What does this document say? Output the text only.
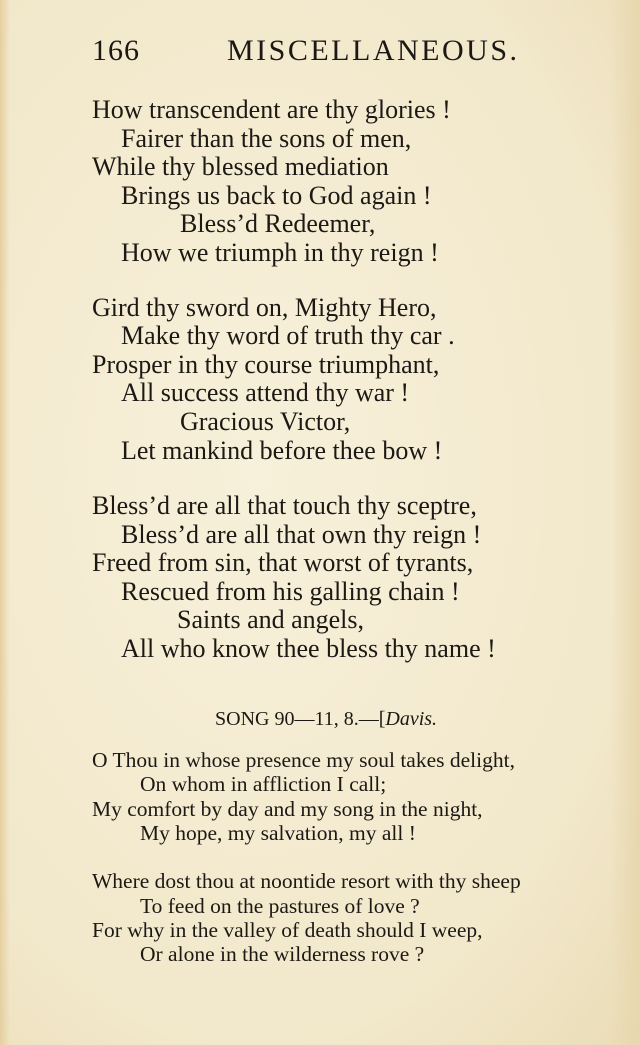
166	MISCELLANEOUS.
How transcendent are thy glories !
Fairer than the sons of men,
While thy blessed mediation
Brings us back to God again !
Bless’d Redeemer,
How we triumph in thy reign !
Gird thy sword on, Mighty Hero,
Make thy word of truth thy car .
Prosper in thy course triumphant,
All success attend thy war !
Gracious Victor,
Let mankind before thee bow !
Bless’d are all that touch thy sceptre,
Bless’d are all that own thy reign !
Freed from sin, that worst of tyrants,
Rescued from his galling chain !
Saints and angels,
All who know thee bless thy name !
SONG 90—11, 8.—[Davis.
O Thou in whose presence my soul takes delight,
On whom in affliction I call;
My comfort by day and my song in the night,
My hope, my salvation, my all !
Where dost thou at noontide resort with thy sheep
To feed on the pastures of love ?
For why in the valley of death should I weep,
Or alone in the wilderness rove ?
